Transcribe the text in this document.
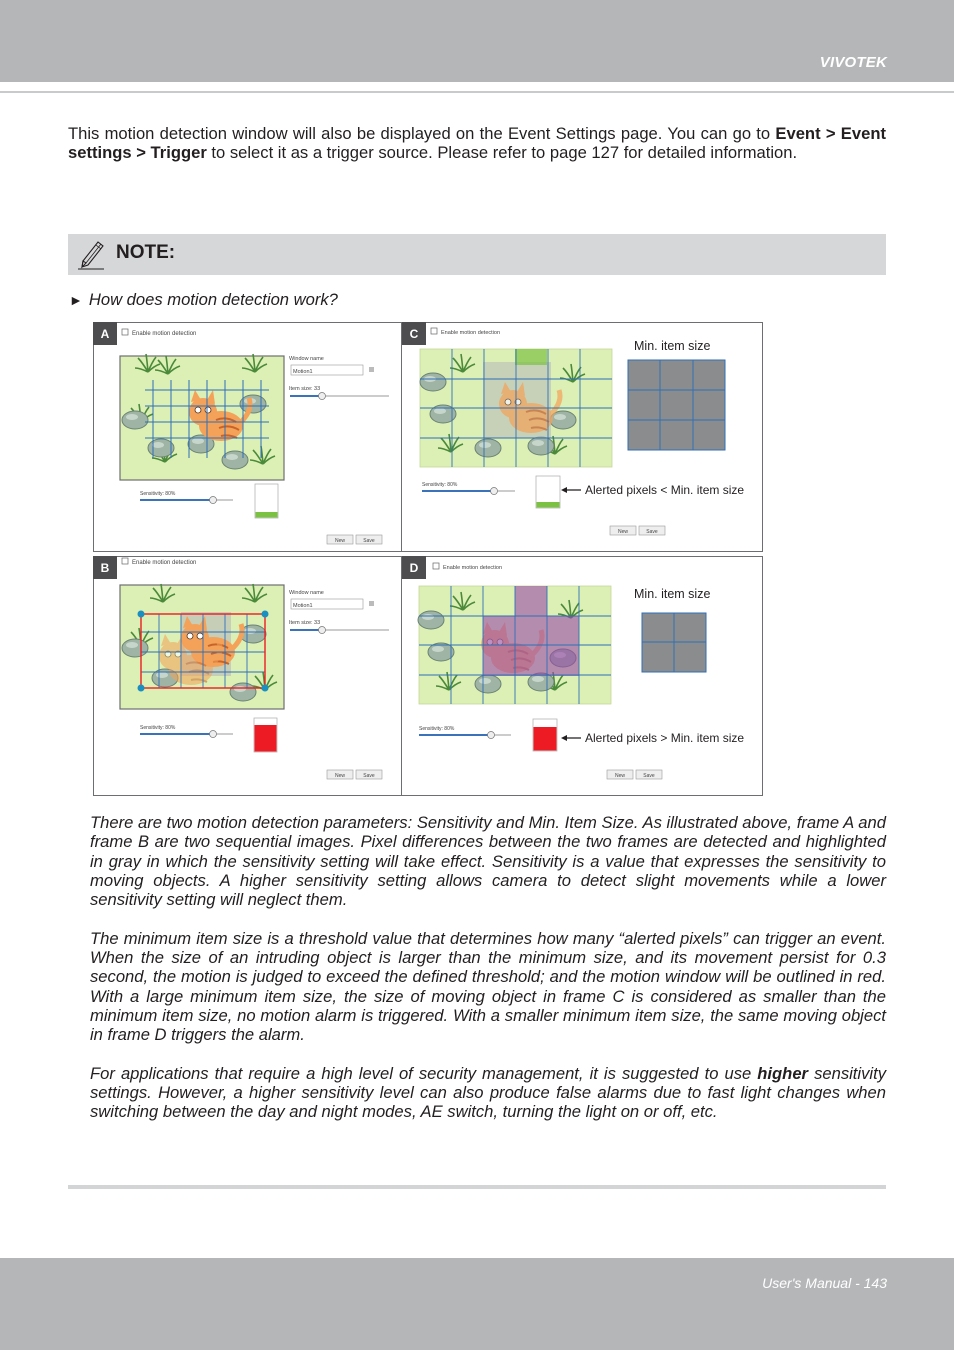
VIVOTEK
This motion detection window will also be displayed on the Event Settings page. You can go to Event > Event settings > Trigger to select it as a trigger source. Please refer to page 127 for detailed information.
NOTE:
► How does motion detection work?
A	Enable motion detection
Window name
Motion1
Item size: 33
Sensitivity: 80%
New	Save
C	Enable motion detection
Min. item size
Sensitivity: 80%	Alerted pixels < Min. item size
New	Save
B	Enable motion detection
Window name
Motion1
Item size: 33
Sensitivity: 80%
New	Save
D	Enable motion detection
Min. item size
Sensitivity: 80%
Alerted pixels > Min. item size
New	Save

There are two motion detection parameters: Sensitivity and Min. Item Size. As illustrated above, frame A and frame B are two sequential images. Pixel differences between the two frames are detected and highlighted in gray in which the sensitivity setting will take effect. Sensitivity is a value that expresses the sensitivity to moving objects. A higher sensitivity setting allows camera to detect slight movements while a lower sensitivity setting will neglect them.

The minimum item size is a threshold value that determines how many “alerted pixels” can trigger an event. When the size of an intruding object is larger than the minimum size, and its movement persist for 0.3 second, the motion is judged to exceed the defined threshold; and the motion window will be outlined in red. With a large minimum item size, the size of moving object in frame C is considered as smaller than the minimum item size, no motion alarm is triggered. With a smaller minimum item size, the same moving object in frame D triggers the alarm.

For applications that require a high level of security management, it is suggested to use higher sensitivity settings. However, a higher sensitivity level can also produce false alarms due to fast light changes when switching between the day and night modes, AE switch, turning the light on or off, etc.

User's Manual - 143
